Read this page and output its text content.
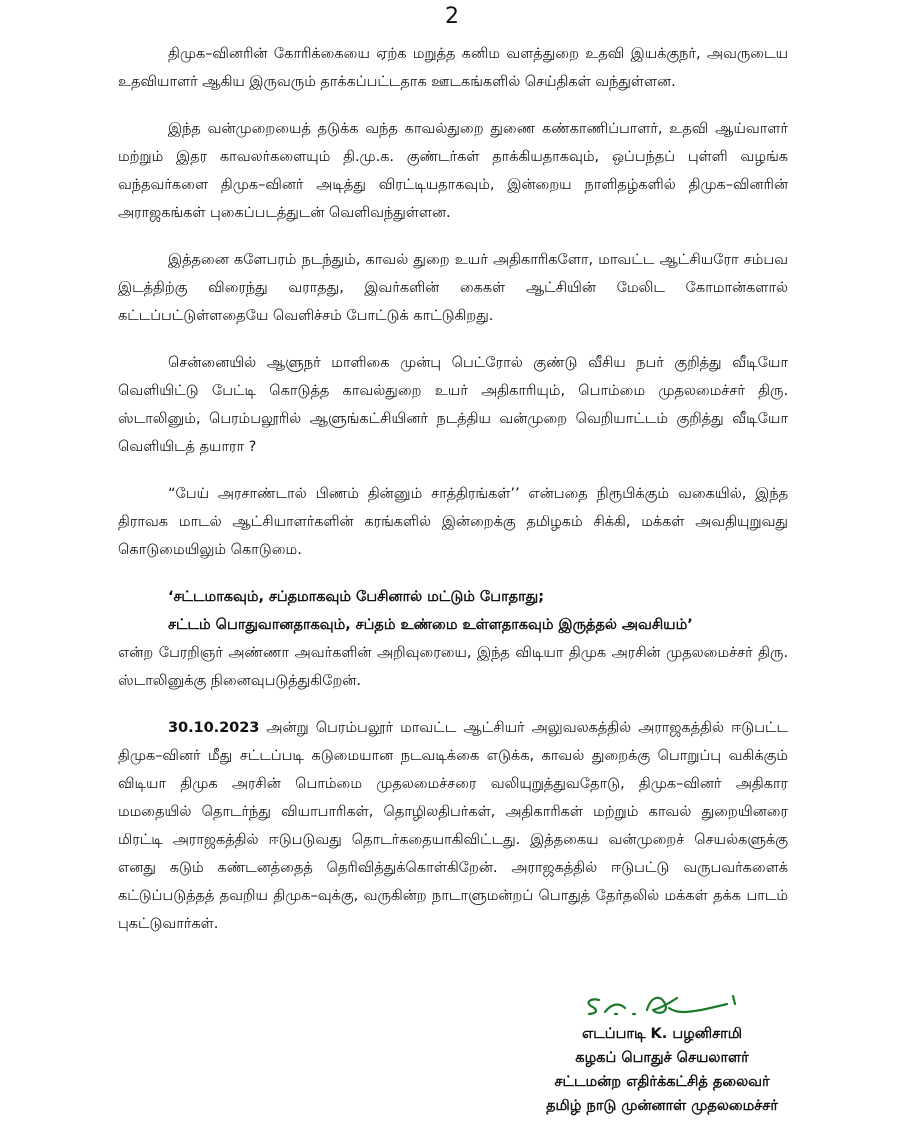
2

திமுக–வினரின் கோரிக்கையை ஏற்க மறுத்த கனிம வளத்துறை உதவி இயக்குநர், அவருடைய உதவியாளர் ஆகிய இருவரும் தாக்கப்பட்டதாக ஊடகங்களில் செய்திகள் வந்துள்ளன.

இந்த வன்முறையைத் தடுக்க வந்த காவல்துறை துணை கண்காணிப்பாளர், உதவி ஆய்வாளர் மற்றும் இதர காவலர்களையும் தி.மு.க. குண்டர்கள் தாக்கியதாகவும், ஒப்பந்தப் புள்ளி வழங்க வந்தவர்களை திமுக–வினர் அடித்து விரட்டியதாகவும், இன்றைய நாளிதழ்களில் திமுக–வினரின் அராஜகங்கள் புகைப்படத்துடன் வெளிவந்துள்ளன.

இத்தனை களேபரம் நடந்தும், காவல் துறை உயர் அதிகாரிகளோ, மாவட்ட ஆட்சியரோ சம்பவ இடத்திற்கு விரைந்து வராதது, இவர்களின் கைகள் ஆட்சியின் மேலிட கோமான்களால் கட்டப்பட்டுள்ளதையே வெளிச்சம் போட்டுக் காட்டுகிறது.

சென்னையில் ஆளுநர் மாளிகை முன்பு பெட்ரோல் குண்டு வீசிய நபர் குறித்து வீடியோ வெளியிட்டு பேட்டி கொடுத்த காவல்துறை உயர் அதிகாரியும், பொம்மை முதலமைச்சர் திரு. ஸ்டாலினும், பெரம்பலூரில் ஆளுங்கட்சியினர் நடத்திய வன்முறை வெறியாட்டம் குறித்து வீடியோ வெளியிடத் தயாரா ?

“பேய் அரசாண்டால் பிணம் தின்னும் சாத்திரங்கள்’’ என்பதை நிரூபிக்கும் வகையில், இந்த திராவக மாடல் ஆட்சியாளர்களின் கரங்களில் இன்றைக்கு தமிழகம் சிக்கி, மக்கள் அவதியுறுவது கொடுமையிலும் கொடுமை.

‘சட்டமாகவும், சப்தமாகவும் பேசினால் மட்டும் போதாது;

சட்டம் பொதுவானதாகவும், சப்தம் உண்மை உள்ளதாகவும் இருத்தல் அவசியம்’

என்ற பேரறிஞர் அண்ணா அவர்களின் அறிவுரையை, இந்த விடியா திமுக அரசின் முதலமைச்சர் திரு. ஸ்டாலினுக்கு நினைவுபடுத்துகிறேன்.

30.10.2023 அன்று பெரம்பலூர் மாவட்ட ஆட்சியர் அலுவலகத்தில் அராஜகத்தில் ஈடுபட்ட திமுக–வினர் மீது சட்டப்படி கடுமையான நடவடிக்கை எடுக்க, காவல் துறைக்கு பொறுப்பு வகிக்கும் விடியா திமுக அரசின் பொம்மை முதலமைச்சரை வலியுறுத்துவதோடு, திமுக–வினர் அதிகார மமதையில் தொடர்ந்து வியாபாரிகள், தொழிலதிபர்கள், அதிகாரிகள் மற்றும் காவல் துறையினரை மிரட்டி அராஜகத்தில் ஈடுபடுவது தொடர்கதையாகிவிட்டது. இத்தகைய வன்முறைச் செயல்களுக்கு எனது கடும் கண்டனத்தைத் தெரிவித்துக்கொள்கிறேன். அராஜகத்தில் ஈடுபட்டு வருபவர்களைக் கட்டுப்படுத்தத் தவறிய திமுக–வுக்கு, வருகின்ற நாடாளுமன்றப் பொதுத் தேர்தலில் மக்கள் தக்க பாடம் புகட்டுவார்கள்.

எடப்பாடி K. பழனிசாமி
கழகப் பொதுச் செயலாளர்
சட்டமன்ற எதிர்க்கட்சித் தலைவர்
தமிழ் நாடு முன்னாள் முதலமைச்சர்
